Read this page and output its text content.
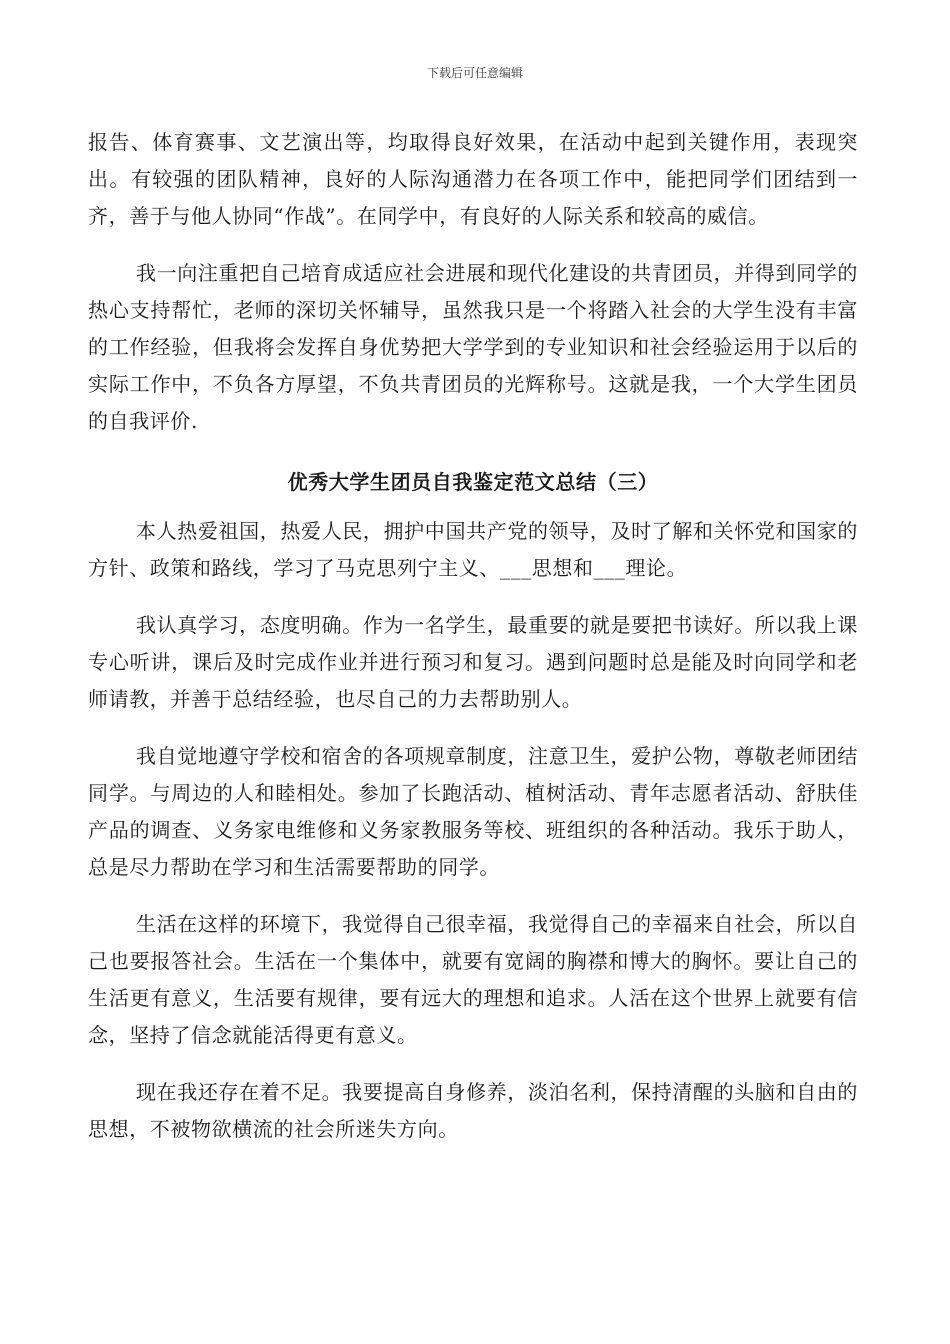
下载后可任意编辑

报告、体育赛事、文艺演出等，均取得良好效果，在活动中起到关键作用，表现突出。有较强的团队精神，良好的人际沟通潜力在各项工作中，能把同学们团结到一齐，善于与他人协同“作战”。在同学中，有良好的人际关系和较高的威信。

我一向注重把自己培育成适应社会进展和现代化建设的共青团员，并得到同学的热心支持帮忙，老师的深切关怀辅导，虽然我只是一个将踏入社会的大学生没有丰富的工作经验，但我将会发挥自身优势把大学学到的专业知识和社会经验运用于以后的实际工作中，不负各方厚望，不负共青团员的光辉称号。这就是我，一个大学生团员的自我评价.

优秀大学生团员自我鉴定范文总结（三）

本人热爱祖国，热爱人民，拥护中国共产党的领导，及时了解和关怀党和国家的方针、政策和路线，学习了马克思列宁主义、___思想和___理论。

我认真学习，态度明确。作为一名学生，最重要的就是要把书读好。所以我上课专心听讲，课后及时完成作业并进行预习和复习。遇到问题时总是能及时向同学和老师请教，并善于总结经验，也尽自己的力去帮助别人。

我自觉地遵守学校和宿舍的各项规章制度，注意卫生，爱护公物，尊敬老师团结同学。与周边的人和睦相处。参加了长跑活动、植树活动、青年志愿者活动、舒肤佳产品的调查、义务家电维修和义务家教服务等校、班组织的各种活动。我乐于助人，总是尽力帮助在学习和生活需要帮助的同学。

生活在这样的环境下，我觉得自己很幸福，我觉得自己的幸福来自社会，所以自己也要报答社会。生活在一个集体中，就要有宽阔的胸襟和博大的胸怀。要让自己的生活更有意义，生活要有规律，要有远大的理想和追求。人活在这个世界上就要有信念，坚持了信念就能活得更有意义。

现在我还存在着不足。我要提高自身修养，淡泊名利，保持清醒的头脑和自由的思想，不被物欲横流的社会所迷失方向。
